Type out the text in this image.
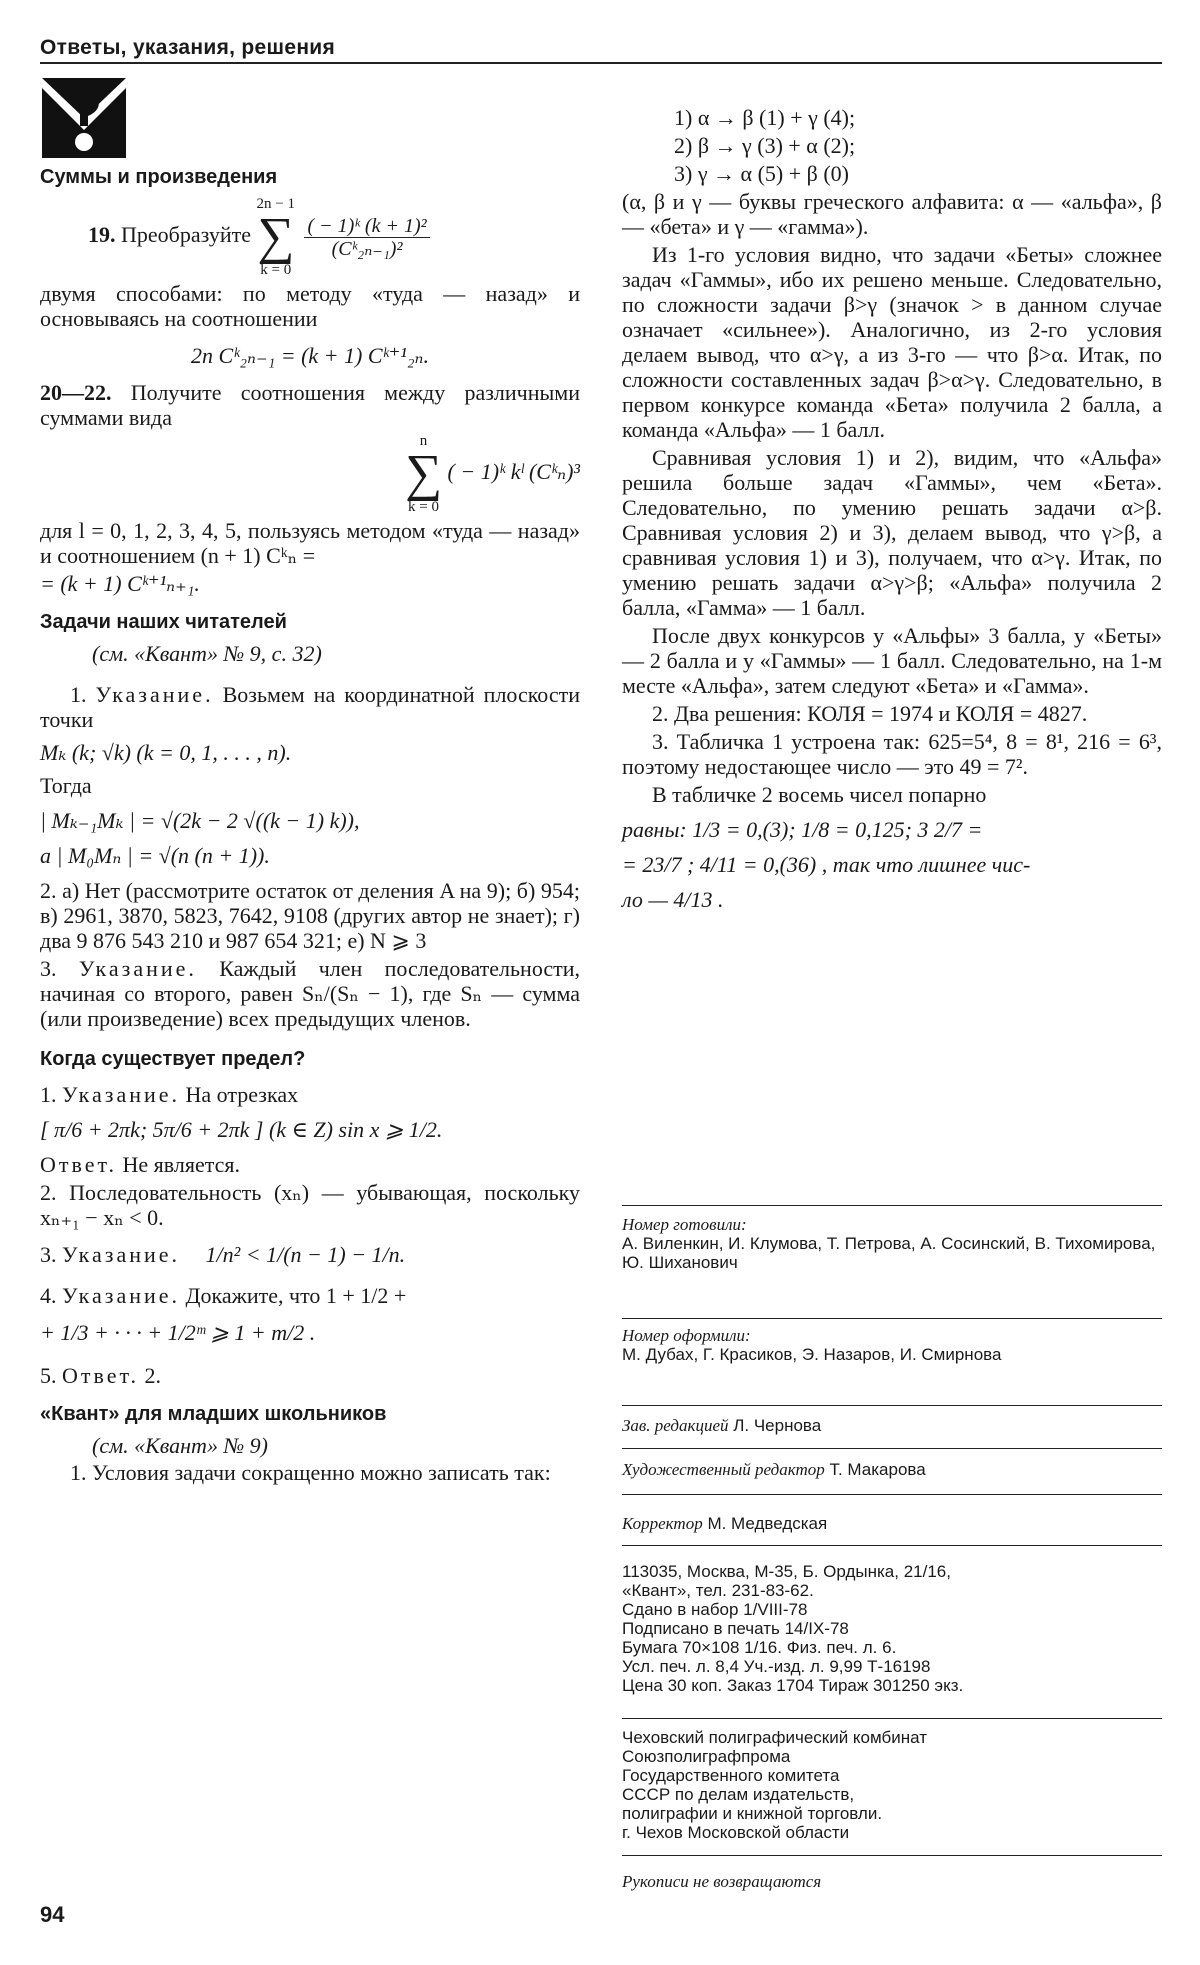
Ответы, указания, решения
Суммы и произведения
19. Преобразуйте
2n − 1
∑
k = 0

$\frac{\text{( − 1)ᵏ (k + 1)²}}{\text{(Cᵏ₂ₙ₋₁)²}}$
двумя способами: по методу «туда — назад» и основываясь на соотношении
2n Cᵏ₂ₙ₋₁ = (k + 1) Cᵏ⁺¹₂ₙ.
20—22. Получите соотношения между различными суммами вида
n
∑
k = 0
( − 1)ᵏ kˡ (Cᵏₙ)³
для l = 0, 1, 2, 3, 4, 5, пользуясь методом «туда — назад» и соотношением (n + 1) Cᵏₙ =
= (k + 1) Cᵏ⁺¹ₙ₊₁.
Задачи наших читателей
(см. «Квант» № 9, с. 32)
1. Указание. Возьмем на координатной плоскости точки
Mₖ (k; √k) (k = 0, 1, . . . , n).
Тогда
| Mₖ₋₁Mₖ | = √(2k − 2 √((k − 1) k)),
а | M₀Mₙ | = √(n (n + 1)).
2. а) Нет (рассмотрите остаток от деления A на 9); б) 954; в) 2961, 3870, 5823, 7642, 9108 (других автор не знает); г) два 9 876 543 210 и 987 654 321; е) N ⩾ 3
3. Указание. Каждый член последовательности, начиная со второго, равен Sₙ/(Sₙ − 1), где Sₙ — сумма (или произведение) всех предыдущих членов.
Когда существует предел?
1. Указание. На отрезках
[ π/6 + 2πk; 5π/6 + 2πk ] (k ∈ Z) sin x ⩾ 1/2.
Ответ. Не является.
2. Последовательность (xₙ) — убывающая, поскольку xₙ₊₁ − xₙ < 0.
3. Указание. 1/n² < 1/(n − 1) − 1/n.
4. Указание. Докажите, что 1 + 1/2 +
+ 1/3 + · · · + 1/2ᵐ ⩾ 1 + m/2 .
5. Ответ. 2.
«Квант» для младших школьников
(см. «Квант» № 9)
1. Условия задачи сокращенно можно записать так:
1) α → β (1) + γ (4);
2) β → γ (3) + α (2);
3) γ → α (5) + β (0)
(α, β и γ — буквы греческого алфавита: α — «альфа», β — «бета» и γ — «гамма»).
Из 1-го условия видно, что задачи «Беты» сложнее задач «Гаммы», ибо их решено меньше. Следовательно, по сложности задачи β>γ (значок > в данном случае означает «сильнее»). Аналогично, из 2-го условия делаем вывод, что α>γ, а из 3-го — что β>α. Итак, по сложности составленных задач β>α>γ. Следовательно, в первом конкурсе команда «Бета» получила 2 балла, а команда «Альфа» — 1 балл.
Сравнивая условия 1) и 2), видим, что «Альфа» решила больше задач «Гаммы», чем «Бета». Следовательно, по умению решать задачи α>β. Сравнивая условия 2) и 3), делаем вывод, что γ>β, а сравнивая условия 1) и 3), получаем, что α>γ. Итак, по умению решать задачи α>γ>β; «Альфа» получила 2 балла, «Гамма» — 1 балл.
После двух конкурсов у «Альфы» 3 балла, у «Беты» — 2 балла и у «Гаммы» — 1 балл. Следовательно, на 1-м месте «Альфа», затем следуют «Бета» и «Гамма».
2. Два решения: КОЛЯ = 1974 и КОЛЯ = 4827.
3. Табличка 1 устроена так: 625=5⁴, 8 = 8¹, 216 = 6³, поэтому недостающее число — это 49 = 7².
В табличке 2 восемь чисел попарно
равны: 1/3 = 0,(3); 1/8 = 0,125; 3 2/7 =
= 23/7 ; 4/11 = 0,(36) , так что лишнее чис-
ло — 4/13 .
Номер готовили:
А. Виленкин, И. Клумова, Т. Петрова, А. Сосинский, В. Тихомирова, Ю. Шиханович
Номер оформили:
М. Дубах, Г. Красиков, Э. Назаров, И. Смирнова
Зав. редакцией Л. Чернова
Художественный редактор Т. Макарова
Корректор М. Медведская
113035, Москва, М-35, Б. Ордынка, 21/16,
«Квант», тел. 231-83-62.
Сдано в набор 1/VIII-78
Подписано в печать 14/IX-78
Бумага 70×108 1/16. Физ. печ. л. 6.
Усл. печ. л. 8,4 Уч.-изд. л. 9,99 Т-16198
Цена 30 коп. Заказ 1704 Тираж 301250 экз.
Чеховский полиграфический комбинат
Союзполиграфпрома
Государственного комитета
СССР по делам издательств,
полиграфии и книжной торговли.
г. Чехов Московской области
Рукописи не возвращаются
94
